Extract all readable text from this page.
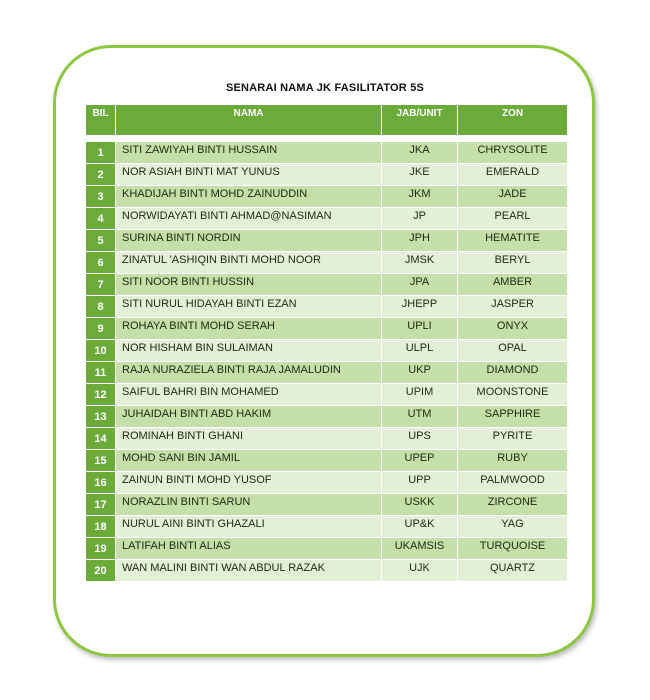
SENARAI NAMA JK FASILITATOR 5S
BIL	NAMA	JAB/UNIT	ZON

1	SITI ZAWIYAH BINTI HUSSAIN	JKA	CHRYSOLITE
2	NOR ASIAH BINTI MAT YUNUS	JKE	EMERALD
3	KHADIJAH BINTI MOHD ZAINUDDIN	JKM	JADE
4	NORWIDAYATI BINTI AHMAD@NASIMAN	JP	PEARL
5	SURINA BINTI NORDIN	JPH	HEMATITE
6	ZINATUL 'ASHIQIN BINTI MOHD NOOR	JMSK	BERYL
7	SITI NOOR BINTI HUSSIN	JPA	AMBER
8	SITI NURUL HIDAYAH BINTI EZAN	JHEPP	JASPER
9	ROHAYA BINTI MOHD SERAH	UPLI	ONYX
10	NOR HISHAM BIN SULAIMAN	ULPL	OPAL
11	RAJA NURAZIELA BINTI RAJA JAMALUDIN	UKP	DIAMOND
12	SAIFUL BAHRI BIN MOHAMED	UPIM	MOONSTONE
13	JUHAIDAH BINTI ABD HAKIM	UTM	SAPPHIRE
14	ROMINAH BINTI GHANI	UPS	PYRITE
15	MOHD SANI BIN JAMIL	UPEP	RUBY
16	ZAINUN BINTI MOHD YUSOF	UPP	PALMWOOD
17	NORAZLIN BINTI SARUN	USKK	ZIRCONE
18	NURUL AINI BINTI GHAZALI	UP&K	YAG
19	LATIFAH BINTI ALIAS	UKAMSIS	TURQUOISE
20	WAN MALINI BINTI WAN ABDUL RAZAK	UJK	QUARTZ
